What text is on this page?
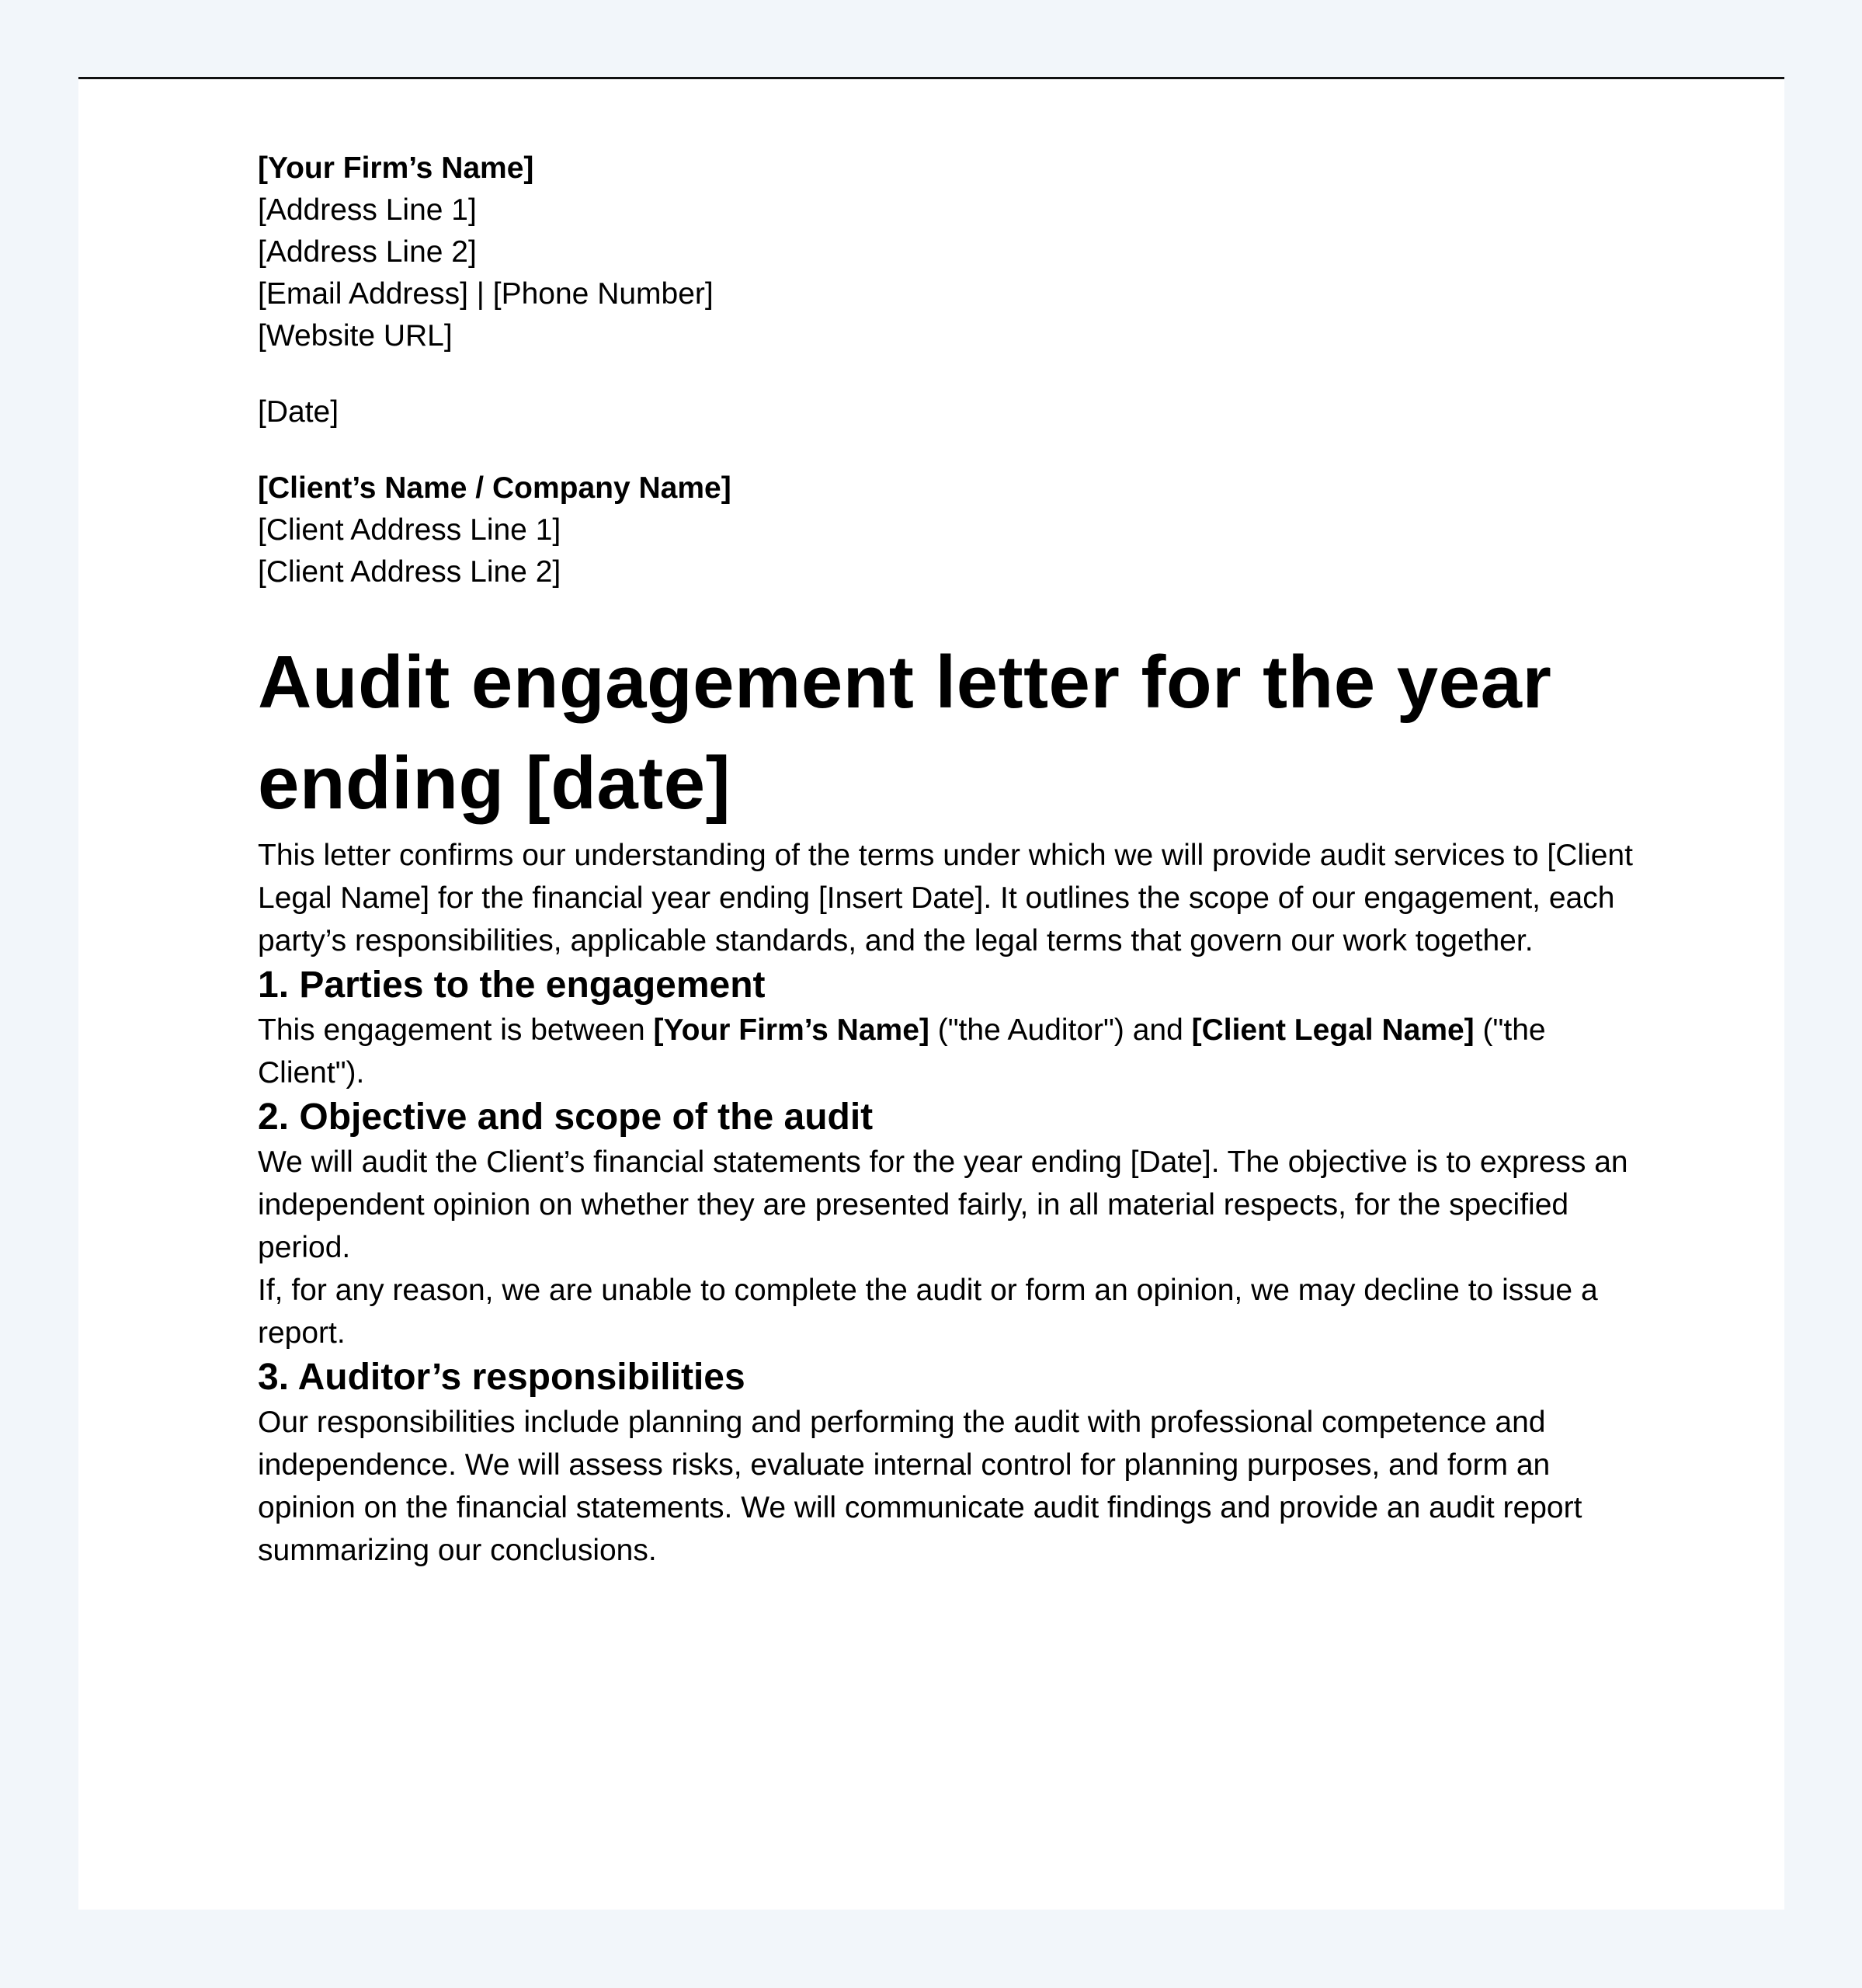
[Your Firm’s Name]

[Address Line 1]

[Address Line 2]

[Email Address] | [Phone Number]

[Website URL]

[Date]

[Client’s Name / Company Name]

[Client Address Line 1]

[Client Address Line 2]

Audit engagement letter for the year ending [date]

This letter confirms our understanding of the terms under which we will provide audit services to [Client Legal Name] for the financial year ending [Insert Date]. It outlines the scope of our engagement, each party’s responsibilities, applicable standards, and the legal terms that govern our work together.

1. Parties to the engagement

This engagement is between [Your Firm’s Name] ("the Auditor") and [Client Legal Name] ("the Client").

2. Objective and scope of the audit

We will audit the Client’s financial statements for the year ending [Date]. The objective is to express an independent opinion on whether they are presented fairly, in all material respects, for the specified period.

If, for any reason, we are unable to complete the audit or form an opinion, we may decline to issue a report.

3. Auditor’s responsibilities

Our responsibilities include planning and performing the audit with professional competence and independence. We will assess risks, evaluate internal control for planning purposes, and form an opinion on the financial statements. We will communicate audit findings and provide an audit report summarizing our conclusions.
